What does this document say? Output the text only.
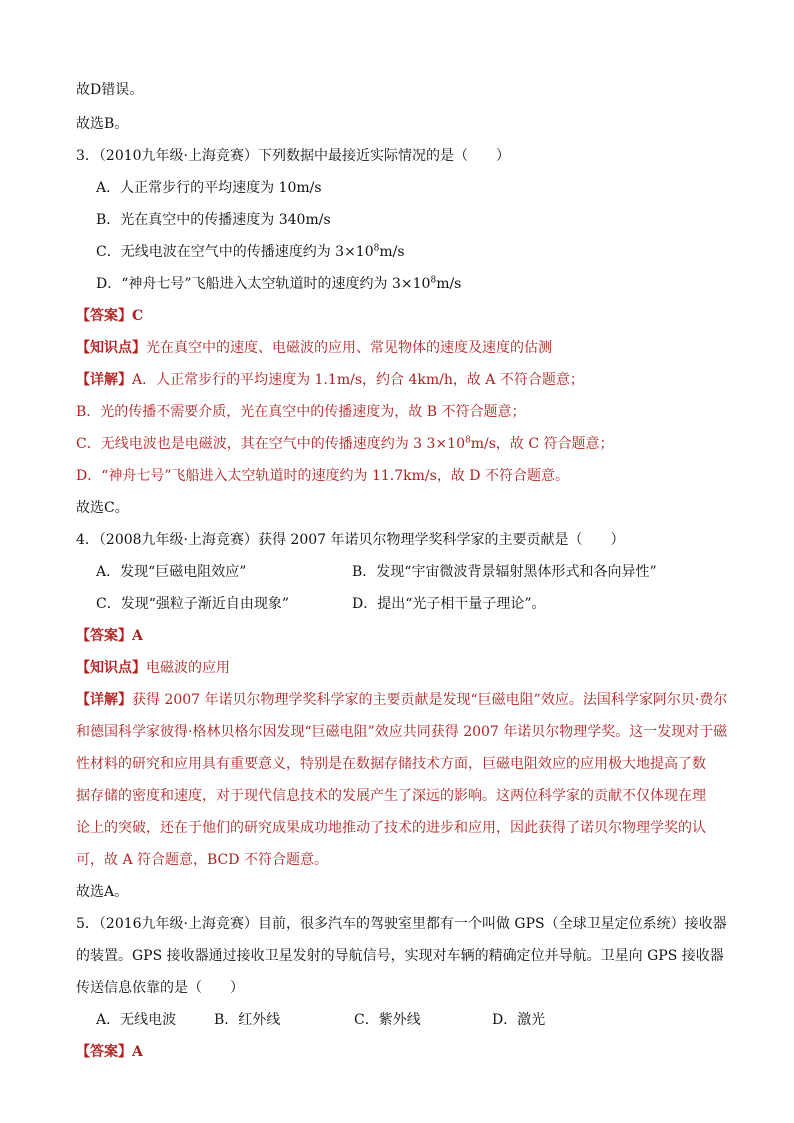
故D错误。
故选B。
3．（2010九年级·上海竞赛）下列数据中最接近实际情况的是（　　）
A．人正常步行的平均速度为 10m/s
B．光在真空中的传播速度为 340m/s
C．无线电波在空气中的传播速度约为 $3\times 10^8m/s$
D．“神舟七号”飞船进入太空轨道时的速度约为 $3\times 10^8m/s$
【答案】C
【知识点】光在真空中的速度、电磁波的应用、常见物体的速度及速度的估测
【详解】A．人正常步行的平均速度为 1.1m/s，约合 4km/h，故 A 不符合题意；
B．光的传播不需要介质，光在真空中的传播速度为，故 B 不符合题意；
C．无线电波也是电磁波，其在空气中的传播速度约为 3 $3\times 10^8m/s$，故 C 符合题意；
D．“神舟七号”飞船进入太空轨道时的速度约为 11.7km/s，故 D 不符合题意。
故选C。
4．（2008九年级·上海竞赛）获得 2007 年诺贝尔物理学奖科学家的主要贡献是（　　）
A．发现“巨磁电阻效应”	B．发现“宇宙微波背景辐射黑体形式和各向异性”
C．发现“强粒子渐近自由现象”	D．提出“光子相干量子理论”。
【答案】A
【知识点】电磁波的应用
【详解】获得 2007 年诺贝尔物理学奖科学家的主要贡献是发现“巨磁电阻”效应。法国科学家阿尔贝·费尔
和德国科学家彼得·格林贝格尔因发现“巨磁电阻”效应共同获得 2007 年诺贝尔物理学奖。这一发现对于磁
性材料的研究和应用具有重要意义，特别是在数据存储技术方面，巨磁电阻效应的应用极大地提高了数
据存储的密度和速度，对于现代信息技术的发展产生了深远的影响。这两位科学家的贡献不仅体现在理
论上的突破，还在于他们的研究成果成功地推动了技术的进步和应用，因此获得了诺贝尔物理学奖的认
可，故 A 符合题意，BCD 不符合题意。
故选A。
5．（2016九年级·上海竞赛）目前，很多汽车的驾驶室里都有一个叫做 GPS（全球卫星定位系统）接收器
的装置。GPS 接收器通过接收卫星发射的导航信号，实现对车辆的精确定位并导航。卫星向 GPS 接收器
传送信息依靠的是（　　）
A．无线电波	B．红外线	C．紫外线	D．激光
【答案】A
